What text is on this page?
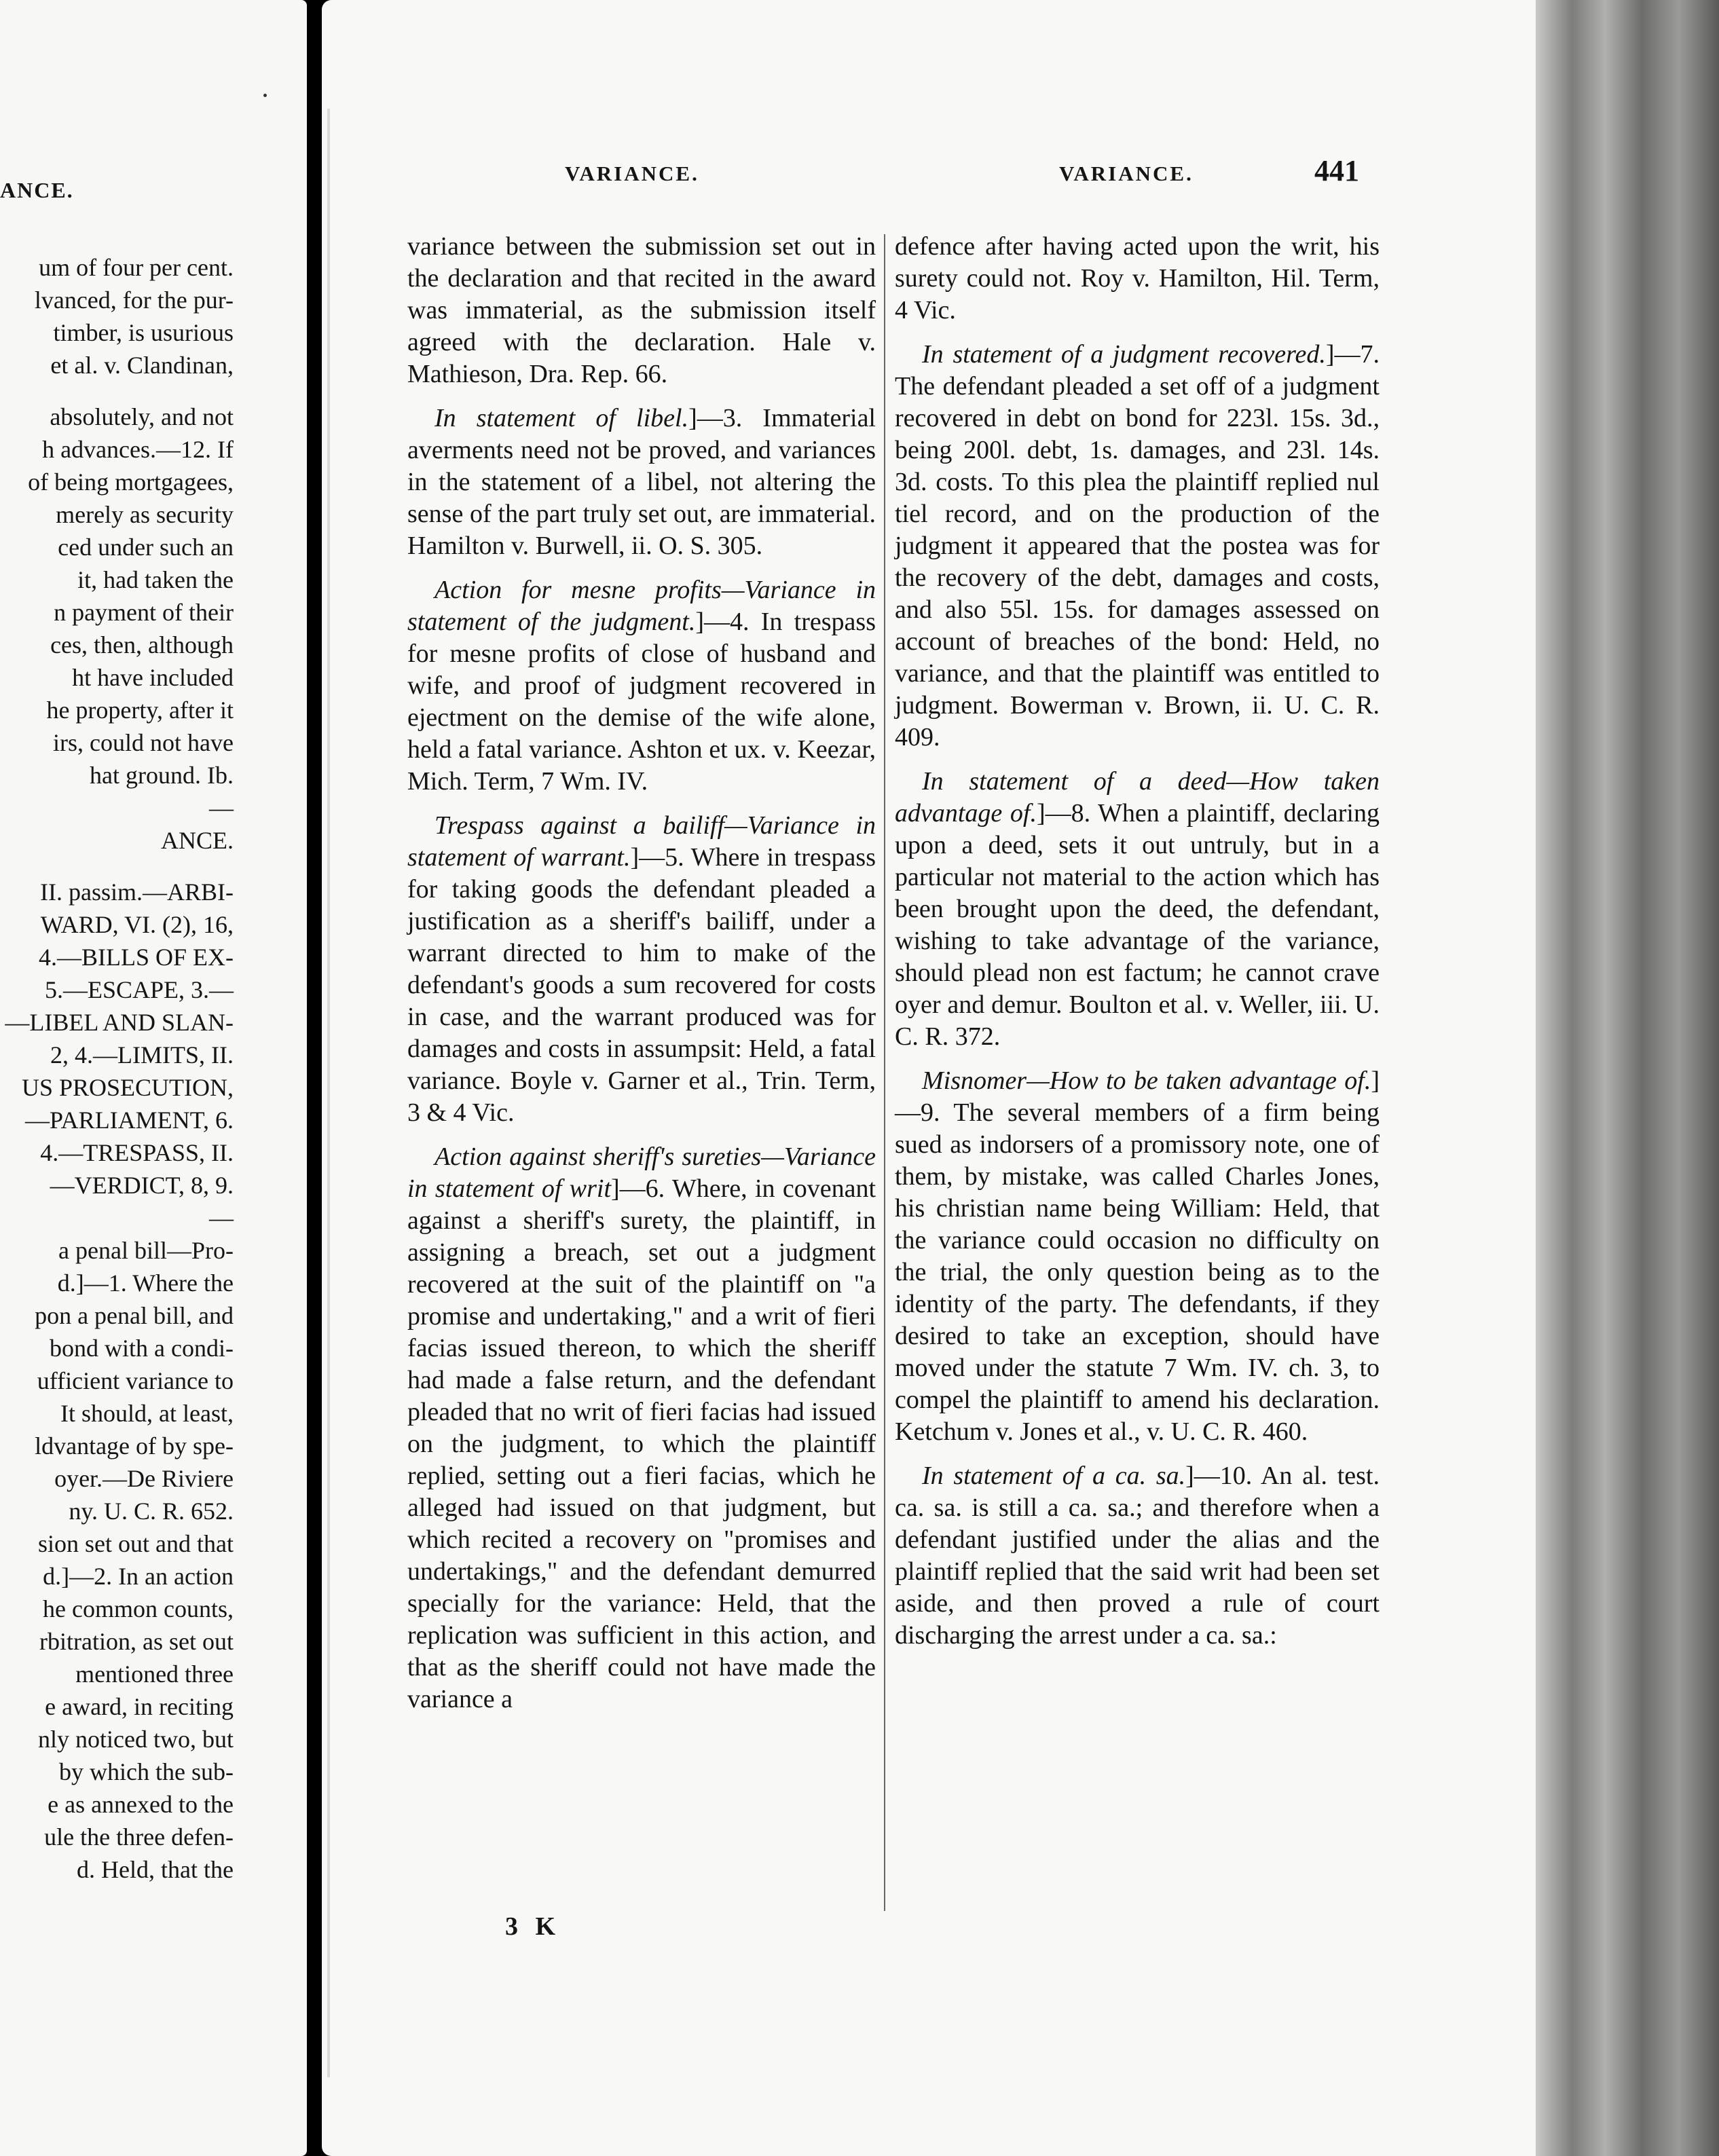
ANCE.
um of four per cent.
lvanced, for the pur-
timber, is usurious
et al. v. Clandinan,
absolutely, and not
h advances.—12. If
of being mortgagees,
merely as security
ced under such an
it, had taken the
n payment of their
ces, then, although
ht have included
he property, after it
irs, could not have
hat ground. Ib.
—
ANCE.
II. passim.—ARBI-
WARD, VI. (2), 16,
4.—BILLS OF EX-
5.—ESCAPE, 3.—
—LIBEL AND SLAN-
2, 4.—LIMITS, II.
US PROSECUTION,
—PARLIAMENT, 6.
4.—TRESPASS, II.
—VERDICT, 8, 9.
—
a penal bill—Pro-
d.]—1. Where the
pon a penal bill, and
bond with a condi-
ufficient variance to
It should, at least,
ldvantage of by spe-
oyer.—De Riviere
ny. U. C. R. 652.
sion set out and that
d.]—2. In an action
he common counts,
rbitration, as set out
mentioned three
e award, in reciting
nly noticed two, but
by which the sub-
e as annexed to the
ule the three defen-
d. Held, that the
VARIANCE.	VARIANCE.	441

variance between the submission set out in the declaration and that recited in the award was immaterial, as the submission itself agreed with the declaration. Hale v. Mathieson, Dra. Rep. 66.

In statement of libel.]—3. Immaterial averments need not be proved, and variances in the statement of a libel, not altering the sense of the part truly set out, are immaterial. Hamilton v. Burwell, ii. O. S. 305.

Action for mesne profits—Variance in statement of the judgment.]—4. In trespass for mesne profits of close of husband and wife, and proof of judgment recovered in ejectment on the demise of the wife alone, held a fatal variance. Ashton et ux. v. Keezar, Mich. Term, 7 Wm. IV.

Trespass against a bailiff—Variance in statement of warrant.]—5. Where in trespass for taking goods the defendant pleaded a justification as a sheriff's bailiff, under a warrant directed to him to make of the defendant's goods a sum recovered for costs in case, and the warrant produced was for damages and costs in assumpsit: Held, a fatal variance. Boyle v. Garner et al., Trin. Term, 3 & 4 Vic.

Action against sheriff's sureties—Variance in statement of writ]—6. Where, in covenant against a sheriff's surety, the plaintiff, in assigning a breach, set out a judgment recovered at the suit of the plaintiff on "a promise and undertaking," and a writ of fieri facias issued thereon, to which the sheriff had made a false return, and the defendant pleaded that no writ of fieri facias had issued on the judgment, to which the plaintiff replied, setting out a fieri facias, which he alleged had issued on that judgment, but which recited a recovery on "promises and undertakings," and the defendant demurred specially for the variance: Held, that the replication was sufficient in this action, and that as the sheriff could not have made the variance a

defence after having acted upon the writ, his surety could not. Roy v. Hamilton, Hil. Term, 4 Vic.

In statement of a judgment recovered.]—7. The defendant pleaded a set off of a judgment recovered in debt on bond for 223l. 15s. 3d., being 200l. debt, 1s. damages, and 23l. 14s. 3d. costs. To this plea the plaintiff replied nul tiel record, and on the production of the judgment it appeared that the postea was for the recovery of the debt, damages and costs, and also 55l. 15s. for damages assessed on account of breaches of the bond: Held, no variance, and that the plaintiff was entitled to judgment. Bowerman v. Brown, ii. U. C. R. 409.

In statement of a deed—How taken advantage of.]—8. When a plaintiff, declaring upon a deed, sets it out untruly, but in a particular not material to the action which has been brought upon the deed, the defendant, wishing to take advantage of the variance, should plead non est factum; he cannot crave oyer and demur. Boulton et al. v. Weller, iii. U. C. R. 372.

Misnomer—How to be taken advantage of.]—9. The several members of a firm being sued as indorsers of a promissory note, one of them, by mistake, was called Charles Jones, his christian name being William: Held, that the variance could occasion no difficulty on the trial, the only question being as to the identity of the party. The defendants, if they desired to take an exception, should have moved under the statute 7 Wm. IV. ch. 3, to compel the plaintiff to amend his declaration. Ketchum v. Jones et al., v. U. C. R. 460.

In statement of a ca. sa.]—10. An al. test. ca. sa. is still a ca. sa.; and therefore when a defendant justified under the alias and the plaintiff replied that the said writ had been set aside, and then proved a rule of court discharging the arrest under a ca. sa.:

3 K
